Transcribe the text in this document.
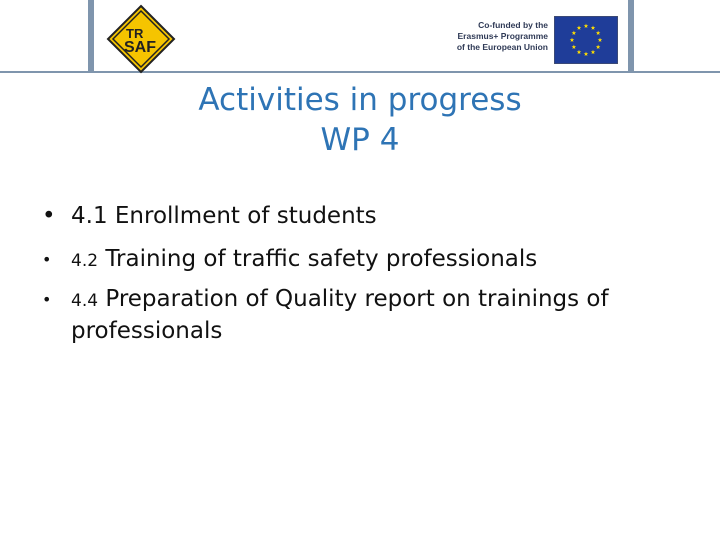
TR
SAF
Co-funded by the
Erasmus+ Programme
of the European Union
Activities in progress
WP 4
• 4.1 Enrollment of students
• 4.2 Training of traffic safety professionals
• 4.4 Preparation of Quality report on trainings of professionals
